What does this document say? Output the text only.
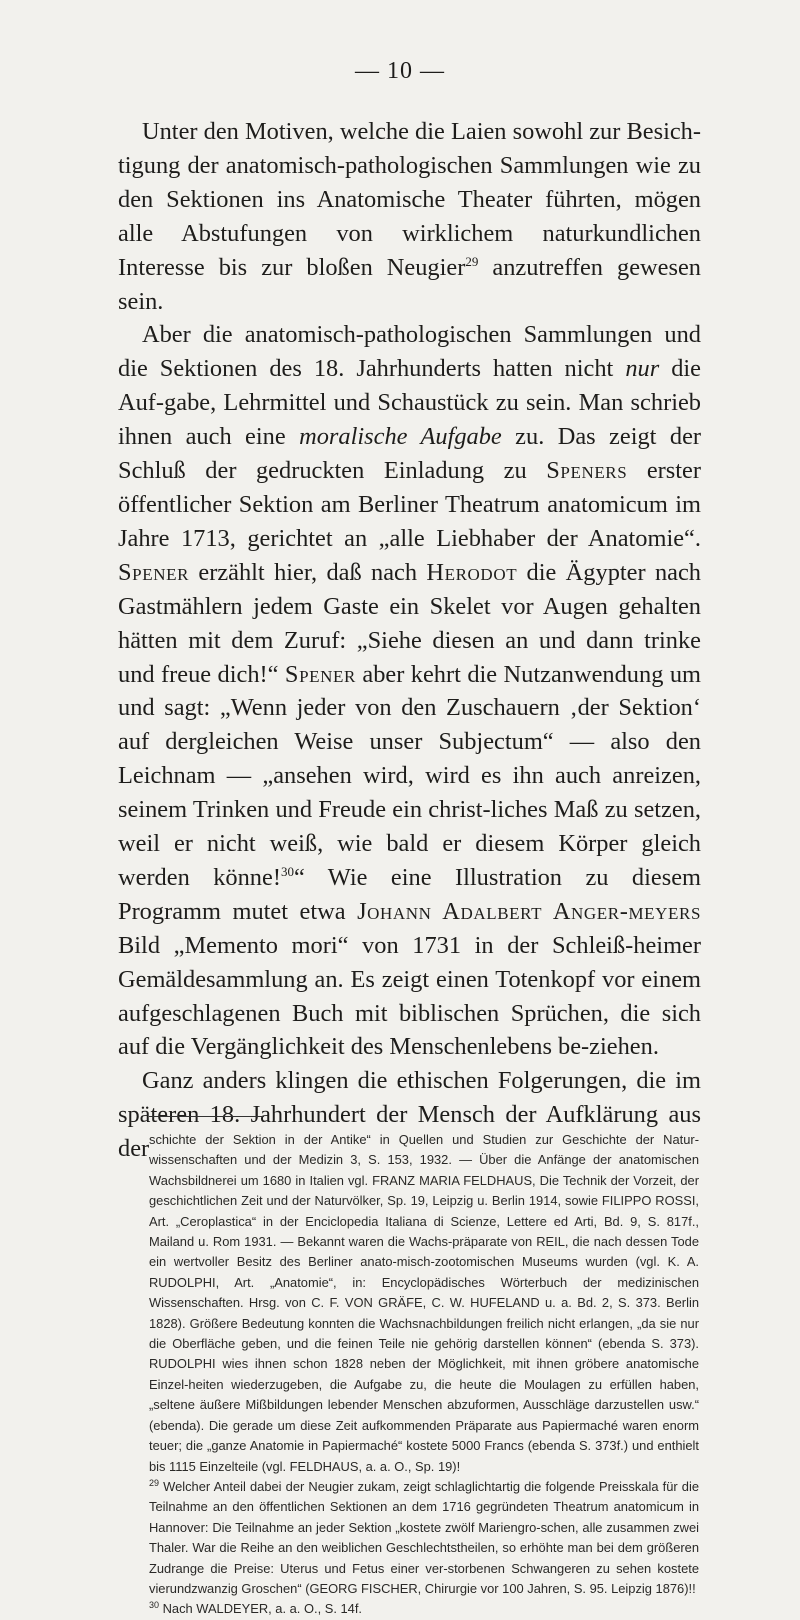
— 10 —

Unter den Motiven, welche die Laien sowohl zur Besich-tigung der anatomisch-pathologischen Sammlungen wie zu den Sektionen ins Anatomische Theater führten, mögen alle Abstufungen von wirklichem naturkundlichen Interesse bis zur bloßen Neugier$^{29}$ anzutreffen gewesen sein.

Aber die anatomisch-pathologischen Sammlungen und die Sektionen des 18. Jahrhunderts hatten nicht nur die Auf-gabe, Lehrmittel und Schaustück zu sein. Man schrieb ihnen auch eine moralische Aufgabe zu. Das zeigt der Schluß der gedruckten Einladung zu Speners erster öffentlicher Sektion am Berliner Theatrum anatomicum im Jahre 1713, gerichtet an „alle Liebhaber der Anatomie“. Spener erzählt hier, daß nach Herodot die Ägypter nach Gastmählern jedem Gaste ein Skelet vor Augen gehalten hätten mit dem Zuruf: „Siehe diesen an und dann trinke und freue dich!“ Spener aber kehrt die Nutzanwendung um und sagt: „Wenn jeder von den Zuschauern ‚der Sektion‘ auf dergleichen Weise unser Subjectum“ — also den Leichnam — „ansehen wird, wird es ihn auch anreizen, seinem Trinken und Freude ein christ-liches Maß zu setzen, weil er nicht weiß, wie bald er diesem Körper gleich werden könne!$^{30}$“ Wie eine Illustration zu diesem Programm mutet etwa Johann Adalbert Anger-meyers Bild „Memento mori“ von 1731 in der Schleiß-heimer Gemäldesammlung an. Es zeigt einen Totenkopf vor einem aufgeschlagenen Buch mit biblischen Sprüchen, die sich auf die Vergänglichkeit des Menschenlebens be-ziehen.

Ganz anders klingen die ethischen Folgerungen, die im späteren 18. Jahrhundert der Mensch der Aufklärung aus der schichte der Sektion in der Antike“ in Quellen und Studien zur Geschichte der Natur-wissenschaften und der Medizin 3, S. 153, 1932. — Über die Anfänge der anatomischen Wachsbildnerei um 1680 in Italien vgl. FRANZ MARIA FELDHAUS, Die Technik der Vorzeit, der geschichtlichen Zeit und der Naturvölker, Sp. 19, Leipzig u. Berlin 1914, sowie FILIPPO ROSSI, Art. „Ceroplastica“ in der Enciclopedia Italiana di Scienze, Lettere ed Arti, Bd. 9, S. 817f., Mailand u. Rom 1931. — Bekannt waren die Wachs-präparate von REIL, die nach dessen Tode ein wertvoller Besitz des Berliner anato-misch-zootomischen Museums wurden (vgl. K. A. RUDOLPHI, Art. „Anatomie“, in: Encyclopädisches Wörterbuch der medizinischen Wissenschaften. Hrsg. von C. F. VON GRÄFE, C. W. HUFELAND u. a. Bd. 2, S. 373. Berlin 1828). Größere Bedeutung konnten die Wachsnachbildungen freilich nicht erlangen, „da sie nur die Oberfläche geben, und die feinen Teile nie gehörig darstellen können“ (ebenda S. 373). RUDOLPHI wies ihnen schon 1828 neben der Möglichkeit, mit ihnen gröbere anatomische Einzel-heiten wiederzugeben, die Aufgabe zu, die heute die Moulagen zu erfüllen haben, „seltene äußere Mißbildungen lebender Menschen abzuformen, Ausschläge darzustellen usw.“ (ebenda). Die gerade um diese Zeit aufkommenden Präparate aus Papiermaché waren enorm teuer; die „ganze Anatomie in Papiermaché“ kostete 5000 Francs (ebenda S. 373f.) und enthielt bis 1115 Einzelteile (vgl. FELDHAUS, a. a. O., Sp. 19)!

$^{29}$ Welcher Anteil dabei der Neugier zukam, zeigt schlaglichtartig die folgende Preisskala für die Teilnahme an den öffentlichen Sektionen an dem 1716 gegründeten Theatrum anatomicum in Hannover: Die Teilnahme an jeder Sektion „kostete zwölf Mariengro-schen, alle zusammen zwei Thaler. War die Reihe an den weiblichen Geschlechtstheilen, so erhöhte man bei dem größeren Zudrange die Preise: Uterus und Fetus einer ver-storbenen Schwangeren zu sehen kostete vierundzwanzig Groschen“ (GEORG FISCHER, Chirurgie vor 100 Jahren, S. 95. Leipzig 1876)!!

$^{30}$ Nach WALDEYER, a. a. O., S. 14f.
